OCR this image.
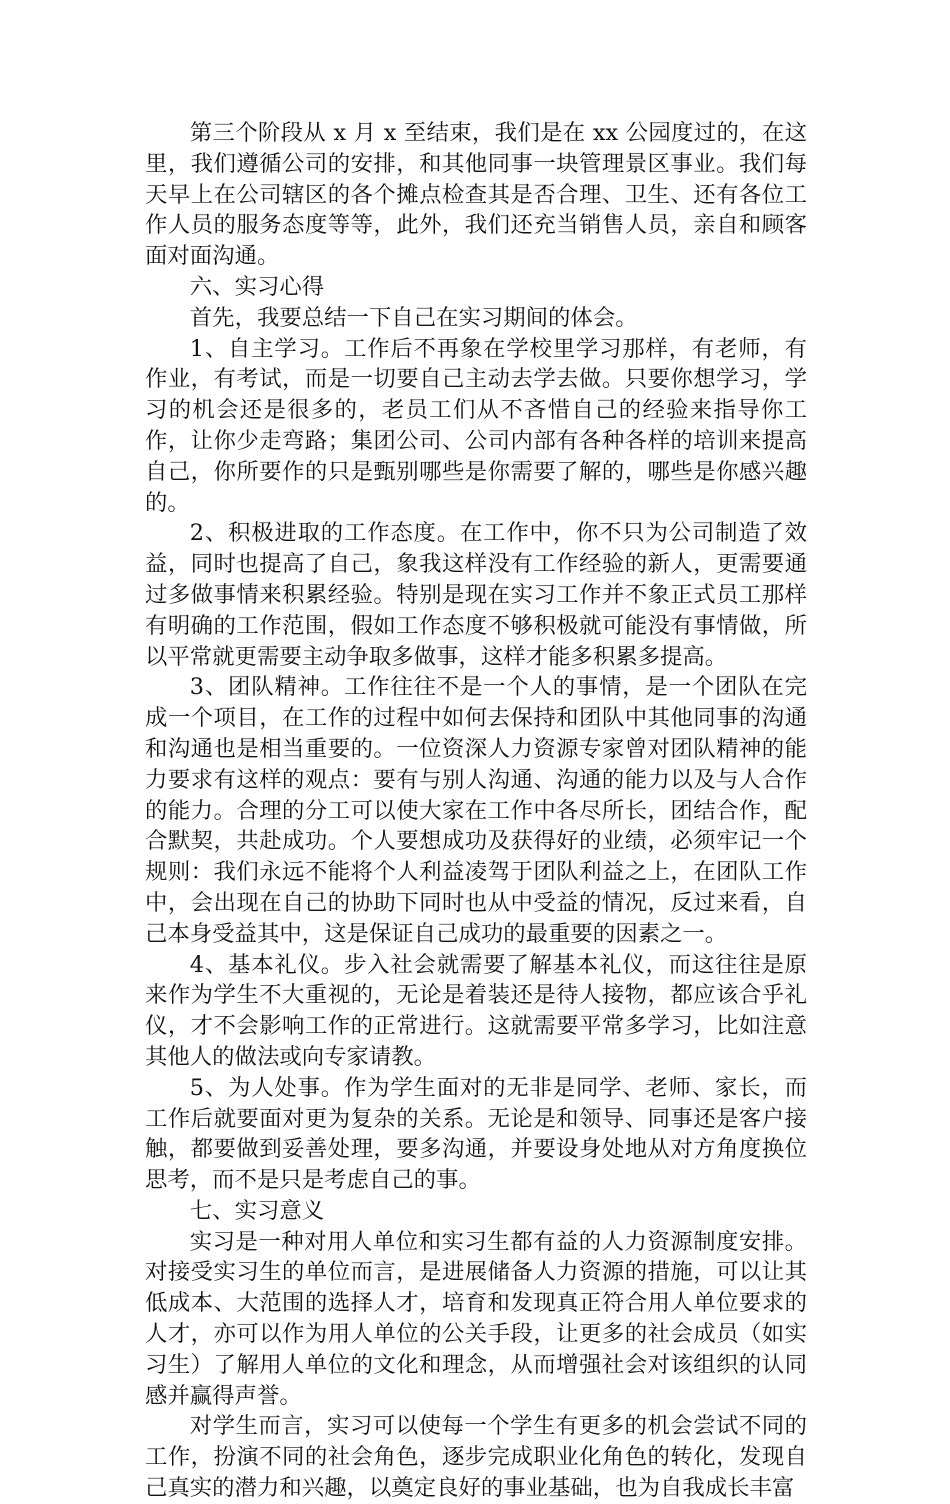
第三个阶段从 x 月 x 至结束，我们是在 xx 公园度过的，在这里，我们遵循公司的安排，和其他同事一块管理景区事业。我们每天早上在公司辖区的各个摊点检查其是否合理、卫生、还有各位工作人员的服务态度等等，此外，我们还充当销售人员，亲自和顾客面对面沟通。

六、实习心得

首先，我要总结一下自己在实习期间的体会。

1、自主学习。工作后不再象在学校里学习那样，有老师，有作业，有考试，而是一切要自己主动去学去做。只要你想学习，学习的机会还是很多的，老员工们从不吝惜自己的经验来指导你工作，让你少走弯路；集团公司、公司内部有各种各样的培训来提高自己，你所要作的只是甄别哪些是你需要了解的，哪些是你感兴趣的。

2、积极进取的工作态度。在工作中，你不只为公司制造了效益，同时也提高了自己，象我这样没有工作经验的新人，更需要通过多做事情来积累经验。特别是现在实习工作并不象正式员工那样有明确的工作范围，假如工作态度不够积极就可能没有事情做，所以平常就更需要主动争取多做事，这样才能多积累多提高。

3、团队精神。工作往往不是一个人的事情，是一个团队在完成一个项目，在工作的过程中如何去保持和团队中其他同事的沟通和沟通也是相当重要的。一位资深人力资源专家曾对团队精神的能力要求有这样的观点：要有与别人沟通、沟通的能力以及与人合作的能力。合理的分工可以使大家在工作中各尽所长，团结合作，配合默契，共赴成功。个人要想成功及获得好的业绩，必须牢记一个规则：我们永远不能将个人利益凌驾于团队利益之上，在团队工作中，会出现在自己的协助下同时也从中受益的情况，反过来看，自己本身受益其中，这是保证自己成功的最重要的因素之一。

4、基本礼仪。步入社会就需要了解基本礼仪，而这往往是原来作为学生不大重视的，无论是着装还是待人接物，都应该合乎礼仪，才不会影响工作的正常进行。这就需要平常多学习，比如注意其他人的做法或向专家请教。

5、为人处事。作为学生面对的无非是同学、老师、家长，而工作后就要面对更为复杂的关系。无论是和领导、同事还是客户接触，都要做到妥善处理，要多沟通，并要设身处地从对方角度换位思考，而不是只是考虑自己的事。

七、实习意义

实习是一种对用人单位和实习生都有益的人力资源制度安排。对接受实习生的单位而言，是进展储备人力资源的措施，可以让其低成本、大范围的选择人才，培育和发现真正符合用人单位要求的人才，亦可以作为用人单位的公关手段，让更多的社会成员（如实习生）了解用人单位的文化和理念，从而增强社会对该组织的认同感并赢得声誉。

对学生而言，实习可以使每一个学生有更多的机会尝试不同的工作，扮演不同的社会角色，逐步完成职业化角色的转化，发现自己真实的潜力和兴趣，以奠定良好的事业基础，也为自我成长丰富
